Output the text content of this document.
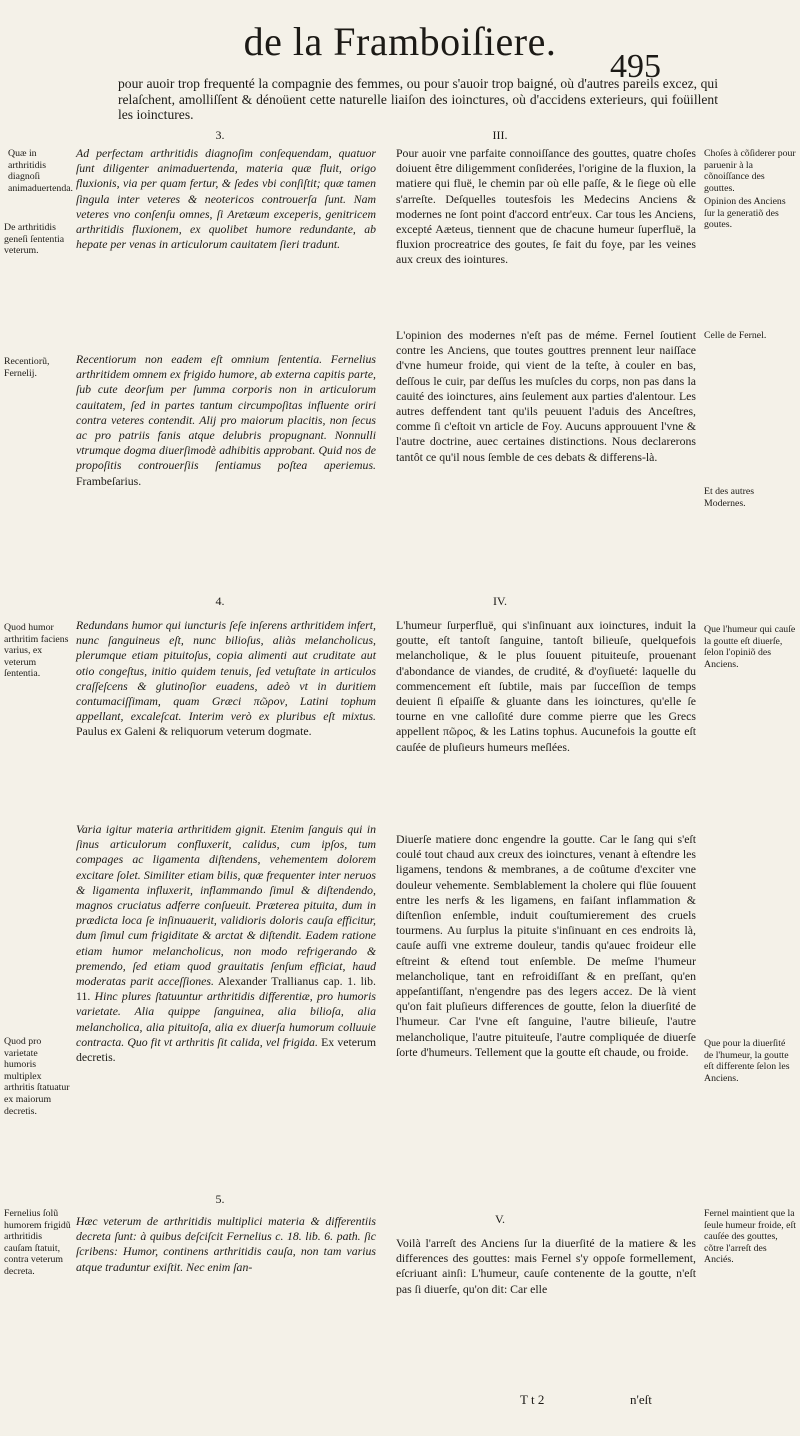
de la Framboiſiere.
495
pour auoir trop frequenté la compagnie des femmes, ou pour s'auoir trop baigné, où d'autres pareils excez, qui relaſchent, amolliſſent & dénoüent cette naturelle liaiſon des ioinctures, où d'accidens exterieurs, qui foüillent les ioinctures.
3.
Quæ in arthritidis diagnoſi animaduertenda.
De arthritidis geneſi ſententia veterum.
Ad perfectam arthritidis diagnoſim conſequendam, quatuor ſunt diligenter animaduertenda, materia quæ fluit, origo fluxionis, via per quam fertur, & ſedes vbi conſiſtit; quæ tamen ſingula inter veteres & neotericos controuerſa ſunt. Nam veteres vno conſenſu omnes, ſi Aretæum exceperis, genitricem arthritidis fluxionem, ex quolibet humore redundante, ab hepate per venas in articulorum cauitatem ſieri tradunt.
Recentiorũ, Fernelij.
Recentiorum non eadem eſt omnium ſententia. Fernelius arthritidem omnem ex frigido humore, ab externa capitis parte, ſub cute deorſum per ſumma corporis non in articulorum cauitatem, ſed in partes tantum circumpoſitas influente oriri contra veteres contendit. Alij pro maiorum placitis, non ſecus ac pro patriis fanis atque delubris propugnant. Nonnulli vtrumque dogma diuerſimodè adhibitis approbant. Quid nos de propoſitis controuerſiis ſentiamus poſtea aperiemus. Frambeſarius.
4.
Quod humor arthritim faciens varius, ex veterum ſententia.
Redundans humor qui iuncturis ſeſe inſerens arthritidem infert, nunc ſanguineus eſt, nunc bilioſus, aliàs melancholicus, plerumque etiam pituitoſus, copia alimenti aut cruditate aut otio congeſtus, initio quidem tenuis, ſed vetuſtate in articulos craſſeſcens & glutinoſior euadens, adeò vt in duritiem contumaciſſimam, quam Græci πῶρον, Latini tophum appellant, excaleſcat. Interim verò ex pluribus eſt mixtus. Paulus ex Galeni & reliquorum veterum dogmate.
Quod pro varietate humoris multiplex arthritis ſtatuatur ex maiorum decretis.
Varia igitur materia arthritidem gignit. Etenim ſanguis qui in ſinus articulorum confluxerit, calidus, cum ipſos, tum compages ac ligamenta diſtendens, vehementem dolorem excitare ſolet. Similiter etiam bilis, quæ frequenter inter neruos & ligamenta influxerit, inflammando ſimul & diſtendendo, magnos cruciatus adferre conſueuit. Præterea pituita, dum in prædicta loca ſe inſinuauerit, validioris doloris cauſa efficitur, dum ſimul cum frigiditate & arctat & diſtendit. Eadem ratione etiam humor melancholicus, non modo refrigerando & premendo, ſed etiam quod grauitatis ſenſum efficiat, haud moderatas parit acceſſiones. Alexander Trallianus cap. 1. lib. 11. Hinc plures ſtatuuntur arthritidis differentiæ, pro humoris varietate. Alia quippe ſanguinea, alia bilioſa, alia melancholica, alia pituitoſa, alia ex diuerſa humorum colluuie contracta. Quo fit vt arthritis ſit calida, vel frigida. Ex veterum decretis.
5.
Fernelius ſolũ humorem frigidũ arthritidis cauſam ſtatuit, contra veterum decreta.
Hæc veterum de arthritidis multiplici materia & differentiis decreta ſunt: à quibus deſciſcit Fernelius c. 18. lib. 6. path. ſic ſcribens: Humor, continens arthritidis cauſa, non tam varius atque traduntur exiſtit. Nec enim ſan-
III.
Pour auoir vne parfaite connoiſſance des gouttes, quatre choſes doiuent être diligemment conſiderées, l'origine de la fluxion, la matiere qui fluë, le chemin par où elle paſſe, & le ſiege où elle s'arreſte. Deſquelles toutesfois les Medecins Anciens & modernes ne ſont point d'accord entr'eux. Car tous les Anciens, excepté Aæteus, tiennent que de chacune humeur ſuperfluë, la fluxion procreatrice des goutes, ſe fait du foye, par les veines aux creux des iointures.
Choſes à cõſiderer pour paruenir à la cõnoiſſance des gouttes.
Opinion des Anciens ſur la generatiõ des goutes.
L'opinion des modernes n'eſt pas de méme. Fernel ſoutient contre les Anciens, que toutes gouttres prennent leur naiſſace d'vne humeur froide, qui vient de la teſte, à couler en bas, deſſous le cuir, par deſſus les muſcles du corps, non pas dans la cauité des ioinctures, ains ſeulement aux parties d'alentour. Les autres deffendent tant qu'ils peuuent l'aduis des Anceſtres, comme ſi c'eſtoit vn article de Foy. Aucuns approuuent l'vne & l'autre doctrine, auec certaines distinctions. Nous declarerons tantôt ce qu'il nous ſemble de ces debats & differens-là.
Celle de Fernel.
Et des autres Modernes.
IV.
L'humeur ſurperfluë, qui s'inſinuant aux ioinctures, induit la goutte, eſt tantoſt ſanguine, tantoſt bilieuſe, quelquefois melancholique, & le plus ſouuent pituiteuſe, prouenant d'abondance de viandes, de crudité, & d'oyſiueté: laquelle du commencement eſt ſubtile, mais par ſucceſſion de temps deuient ſi eſpaiſſe & gluante dans les ioinctures, qu'elle ſe tourne en vne calloſité dure comme pierre que les Grecs appellent πῶρος, & les Latins tophus. Aucunefois la goutte eſt cauſée de pluſieurs humeurs meſlées.
Que l'humeur qui cauſe la goutte eſt diuerſe, ſelon l'opiniõ des Anciens.
Diuerſe matiere donc engendre la goutte. Car le ſang qui s'eſt coulé tout chaud aux creux des ioinctures, venant à eſtendre les ligamens, tendons & membranes, a de coûtume d'exciter vne douleur vehemente. Semblablement la cholere qui flüe ſouuent entre les nerfs & les ligamens, en faiſant inflammation & diſtenſion enſemble, induit couſtumierement des cruels tourmens. Au ſurplus la pituite s'inſinuant en ces endroits là, cauſe auſſi vne extreme douleur, tandis qu'auec froideur elle eſtreint & eſtend tout enſemble. De meſme l'humeur melancholique, tant en refroidiſſant & en preſſant, qu'en appeſantiſſant, n'engendre pas des legers accez. De là vient qu'on fait pluſieurs differences de goutte, ſelon la diuerſité de l'humeur. Car l'vne eſt ſanguine, l'autre bilieuſe, l'autre melancholique, l'autre pituiteuſe, l'autre compliquée de diuerſe ſorte d'humeurs. Tellement que la goutte eſt chaude, ou froide.
Que pour la diuerſité de l'humeur, la goutte eſt differente ſelon les Anciens.
V.
Voilà l'arreſt des Anciens ſur la diuerſité de la matiere & les differences des gouttes: mais Fernel s'y oppoſe formellement, eſcriuant ainſi: L'humeur, cauſe contenente de la goutte, n'eſt pas ſi diuerſe, qu'on dit: Car elle
Fernel maintient que la ſeule humeur froide, eſt cauſée des gouttes, cõtre l'arreſt des Anciés.
T t 2	n'eſt
